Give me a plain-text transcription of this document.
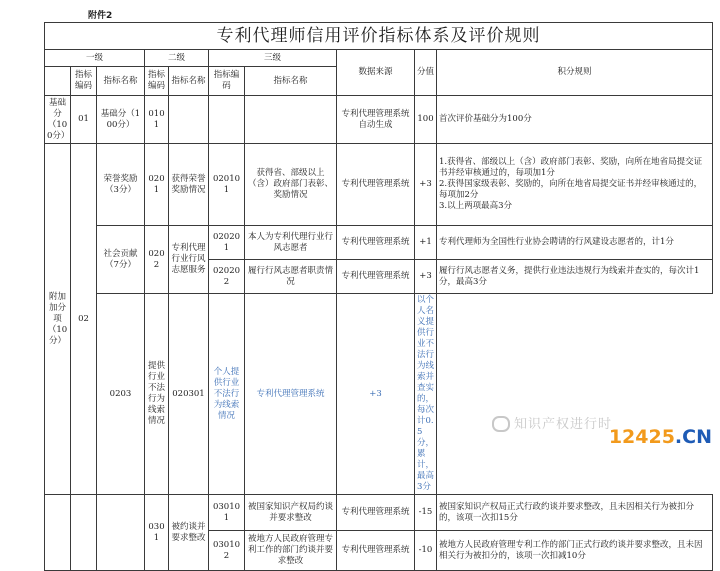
附件2
专利代理师信用评价指标体系及评价规则									
一级			二级		三级		数据来源	分值	积分规则
	指标编码	指标名称	指标编码	指标名称	指标编码	指标名称			
基础分（100分）	01	基础分（100分）	0101				专利代理管理系统自动生成	100	首次评价基础分为100分
附加加分项（10分）	02	荣誉奖励（3分）	0201	获得荣誉奖励情况	020101	获得省、部级以上（含）政府部门表彰、奖励情况	专利代理管理系统	+3	1.获得省、部级以上（含）政府部门表彰、奖励，向所在地省局提交证书并经审核通过的，每项加1分
2.获得国家级表彰、奖励的，向所在地省局提交证书并经审核通过的，每项加2分
3.以上两项最高3分
		社会贡献（7分）	0202	专利代理行业行风志愿服务	020201	本人为专利代理行业行风志愿者	专利代理管理系统	+1	专利代理师为全国性行业协会聘请的行风建设志愿者的，计1分
					020202	履行行风志愿者职责情况	专利代理管理系统	+3	履行行风志愿者义务，提供行业违法违规行为线索并查实的，每次计1分，最高3分
		0203	提供行业不法行为线索情况	020301	个人提供行业不法行为线索情况	专利代理管理系统	+3	以个人名义提供行业不法行为线索并查实的，每次计0.5分，累计，最高3分	
			0301	被约谈并要求整改	030101	被国家知识产权局约谈并要求整改	专利代理管理系统	-15	被国家知识产权局正式行政约谈并要求整改，且未因相关行为被扣分的，该项一次扣15分
					030102	被地方人民政府管理专利工作的部门约谈并要求整改	专利代理管理系统	-10	被地方人民政府管理专利工作的部门正式行政约谈并要求整改，且未因相关行为被扣分的，该项一次扣减10分
知识产权进行时
12425.CN
